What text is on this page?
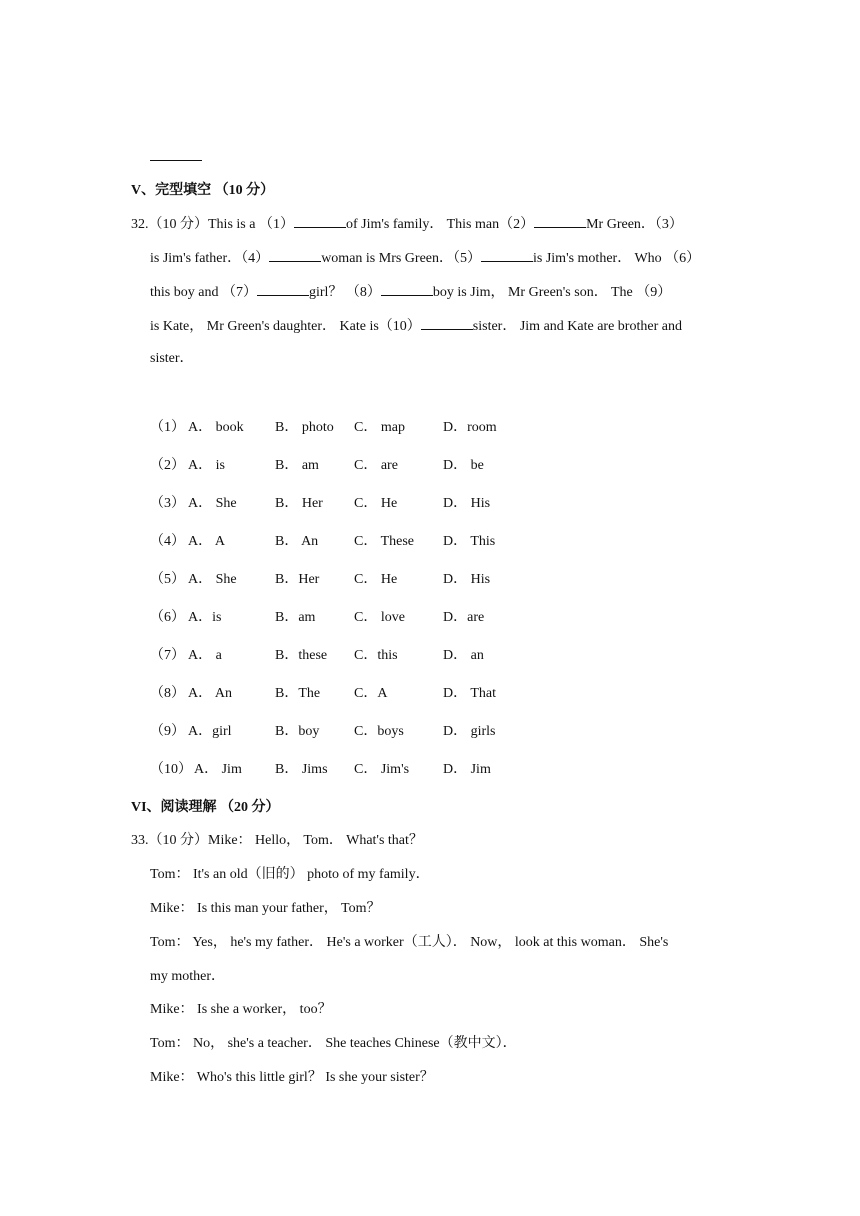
V、完型填空 （10 分）
32.（10 分）This is a （1）	of Jim's family． This man（2）	Mr Green．（3）
is Jim's father．（4）	woman is Mrs Green．（5）	is Jim's mother． Who （6）
this boy and （7）	girl？ （8）	boy is Jim， Mr Green's son． The （9）
is Kate， Mr Green's daughter． Kate is（10）	sister． Jim and Kate are brother and
sister．
（1） A． book B． photo C． map	D．room
（2） A． is	B． am	C． are	D． be
（3） A． She	B． Her C． He	D． His
（4） A． A	B． An	C． These D． This
（5） A． She	B．Her C． He	D． His
（6） A．is	B．am	C． love	D．are
（7） A． a	B．these C．this	D． an
（8） A． An	B．The C．A	D． That
（9） A．girl	B．boy C．boys	D． girls
（10） A． Jim B． Jims C． Jim's D． Jim
VI、阅读理解 （20 分）
33.（10 分）Mike： Hello， Tom． What's that？
Tom： It's an old（旧的） photo of my family．
Mike： Is this man your father， Tom？
Tom： Yes， he's my father． He's a worker（工人）． Now， look at this woman． She's
my mother．
Mike： Is she a worker， too？
Tom： No， she's a teacher． She teaches Chinese（教中文）．
Mike： Who's this little girl？ Is she your sister？
